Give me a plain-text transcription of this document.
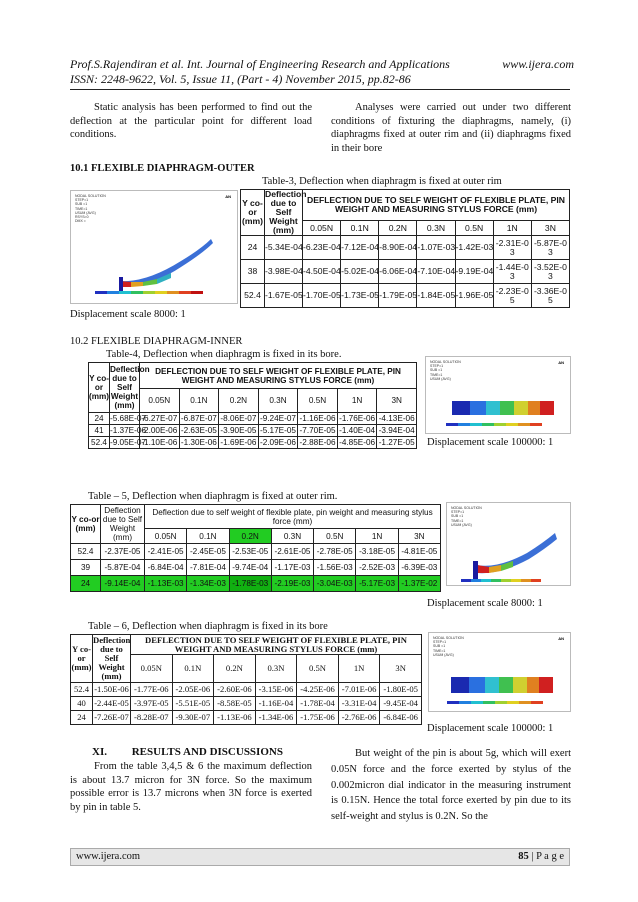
Prof.S.Rajendiran et al. Int. Journal of Engineering Research and Applications	www.ijera.com
ISSN: 2248-9622, Vol. 5, Issue 11, (Part - 4) November 2015, pp.82-86
Static analysis has been performed to find out the deflection at the particular point for different load conditions.
Analyses were carried out under two different conditions of fixturing the diaphragms, namely, (i) diaphragms fixed at outer rim and (ii) diaphragms fixed in their bore
10.1 FLEXIBLE DIAPHRAGM-OUTER
Table-3, Deflection when diaphragm is fixed at outer rim
NODAL SOLUTION
STEP=1
SUB =1
TIME=1
USUM (AVG)
RSYS=0
DMX =
AN
Y co-or (mm)	Deflection due to Self Weight (mm)	DEFLECTION DUE TO SELF WEIGHT OF FLEXIBLE PLATE, PIN WEIGHT AND MEASURING STYLUS FORCE (mm)						
		0.05N	0.1N	0.2N	0.3N	0.5N	1N	3N
24	-5.34E-04	-6.23E-04	-7.12E-04	-8.90E-04	-1.07E-03	-1.42E-03	-2.31E-03	-5.87E-03
38	-3.98E-04	-4.50E-04	-5.02E-04	-6.06E-04	-7.10E-04	-9.19E-04	-1.44E-03	-3.52E-03
52.4	-1.67E-05	-1.70E-05	-1.73E-05	-1.79E-05	-1.84E-05	-1.96E-05	-2.23E-05	-3.36E-05
Displacement scale 8000: 1
10.2 FLEXIBLE DIAPHRAGM-INNER
Table-4, Deflection when diaphragm is fixed in its bore.
Y co-or (mm)	Deflection due to Self Weight (mm)	DEFLECTION DUE TO SELF WEIGHT OF FLEXIBLE PLATE, PIN WEIGHT AND MEASURING STYLUS FORCE (mm)						
		0.05N	0.1N	0.2N	0.3N	0.5N	1N	3N
24	-5.68E-07	-6.27E-07	-6.87E-07	-8.06E-07	-9.24E-07	-1.16E-06	-1.76E-06	-4.13E-06
41	-1.37E-06	-2.00E-06	-2.63E-05	-3.90E-05	-5.17E-05	-7.70E-05	-1.40E-04	-3.94E-04
52.4	-9.05E-07	-1.10E-06	-1.30E-06	-1.69E-06	-2.09E-06	-2.88E-06	-4.85E-06	-1.27E-05
NODAL SOLUTION
STEP=1
SUB =1
TIME=1
USUM (AVG)
AN
Displacement scale 100000: 1
Table – 5, Deflection when diaphragm is fixed at outer rim.
Y co-or (mm)	Deflection due to Self Weight (mm)	Deflection due to self weight of flexible plate, pin weight and measuring stylus force (mm)						
		0.05N	0.1N	0.2N	0.3N	0.5N	1N	3N
52.4	-2.37E-05	-2.41E-05	-2.45E-05	-2.53E-05	-2.61E-05	-2.78E-05	-3.18E-05	-4.81E-05
39	-5.87E-04	-6.84E-04	-7.81E-04	-9.74E-04	-1.17E-03	-1.56E-03	-2.52E-03	-6.39E-03
24	-9.14E-04	-1.13E-03	-1.34E-03	-1.78E-03	-2.19E-03	-3.04E-03	-5.17E-03	-1.37E-02
NODAL SOLUTION
STEP=1
SUB =1
TIME=1
USUM (AVG)
Displacement scale 8000: 1
Table – 6, Deflection when diaphragm is fixed in its bore
Y co-or (mm)	Deflection due to Self Weight (mm)	DEFLECTION DUE TO SELF WEIGHT OF FLEXIBLE PLATE, PIN WEIGHT AND MEASURING STYLUS FORCE (mm)						
		0.05N	0.1N	0.2N	0.3N	0.5N	1N	3N
52.4	-1.50E-06	-1.77E-06	-2.05E-06	-2.60E-06	-3.15E-06	-4.25E-06	-7.01E-06	-1.80E-05
40	-2.44E-05	-3.97E-05	-5.51E-05	-8.58E-05	-1.16E-04	-1.78E-04	-3.31E-04	-9.45E-04
24	-7.26E-07	-8.28E-07	-9.30E-07	-1.13E-06	-1.34E-06	-1.75E-06	-2.76E-06	-6.84E-06
NODAL SOLUTION
STEP=1
SUB =1
TIME=1
USUM (AVG)
AN
Displacement scale 100000: 1
XI. RESULTS AND DISCUSSIONS
From the table 3,4,5 & 6 the maximum deflection is about 13.7 micron for 3N force. So the maximum possible error is 13.7 microns when 3N force is exerted by pin in table 5.
But weight of the pin is about 5g, which will exert 0.05N force and the force exerted by stylus of the 0.002micron dial indicator in the measuring instrument is 0.15N. Hence the total force exerted by pin due to its self-weight and stylus is 0.2N. So the
www.ijera.com	85 | P a g e
